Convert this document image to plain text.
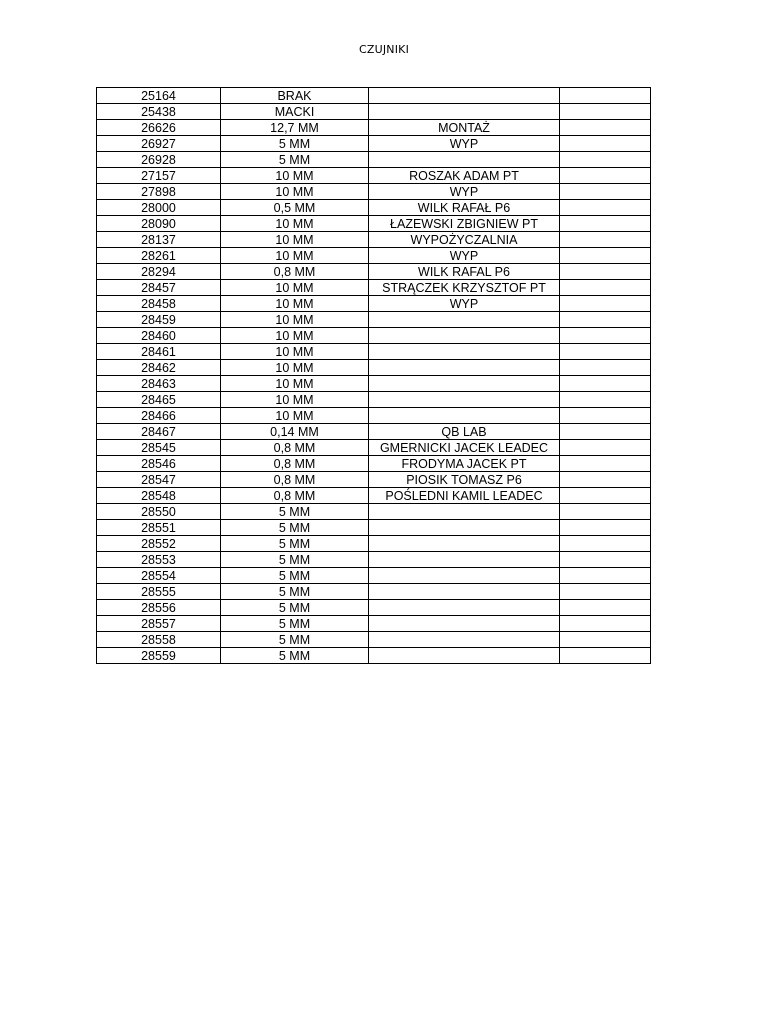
CZUJNIKI
25164	BRAK		
25438	MACKI		
26626	12,7 MM	MONTAŻ	
26927	5 MM	WYP	
26928	5 MM		
27157	10 MM	ROSZAK ADAM PT	
27898	10 MM	WYP	
28000	0,5 MM	WILK RAFAŁ P6	
28090	10 MM	ŁAZEWSKI ZBIGNIEW PT	
28137	10 MM	WYPOŻYCZALNIA	
28261	10 MM	WYP	
28294	0,8 MM	WILK RAFAL P6	
28457	10 MM	STRĄCZEK KRZYSZTOF PT	
28458	10 MM	WYP	
28459	10 MM		
28460	10 MM		
28461	10 MM		
28462	10 MM		
28463	10 MM		
28465	10 MM		
28466	10 MM		
28467	0,14 MM	QB LAB	
28545	0,8 MM	GMERNICKI JACEK LEADEC	
28546	0,8 MM	FRODYMA JACEK PT	
28547	0,8 MM	PIOSIK TOMASZ P6	
28548	0,8 MM	POŚLEDNI KAMIL LEADEC	
28550	5 MM		
28551	5 MM		
28552	5 MM		
28553	5 MM		
28554	5 MM		
28555	5 MM		
28556	5 MM		
28557	5 MM		
28558	5 MM		
28559	5 MM		
